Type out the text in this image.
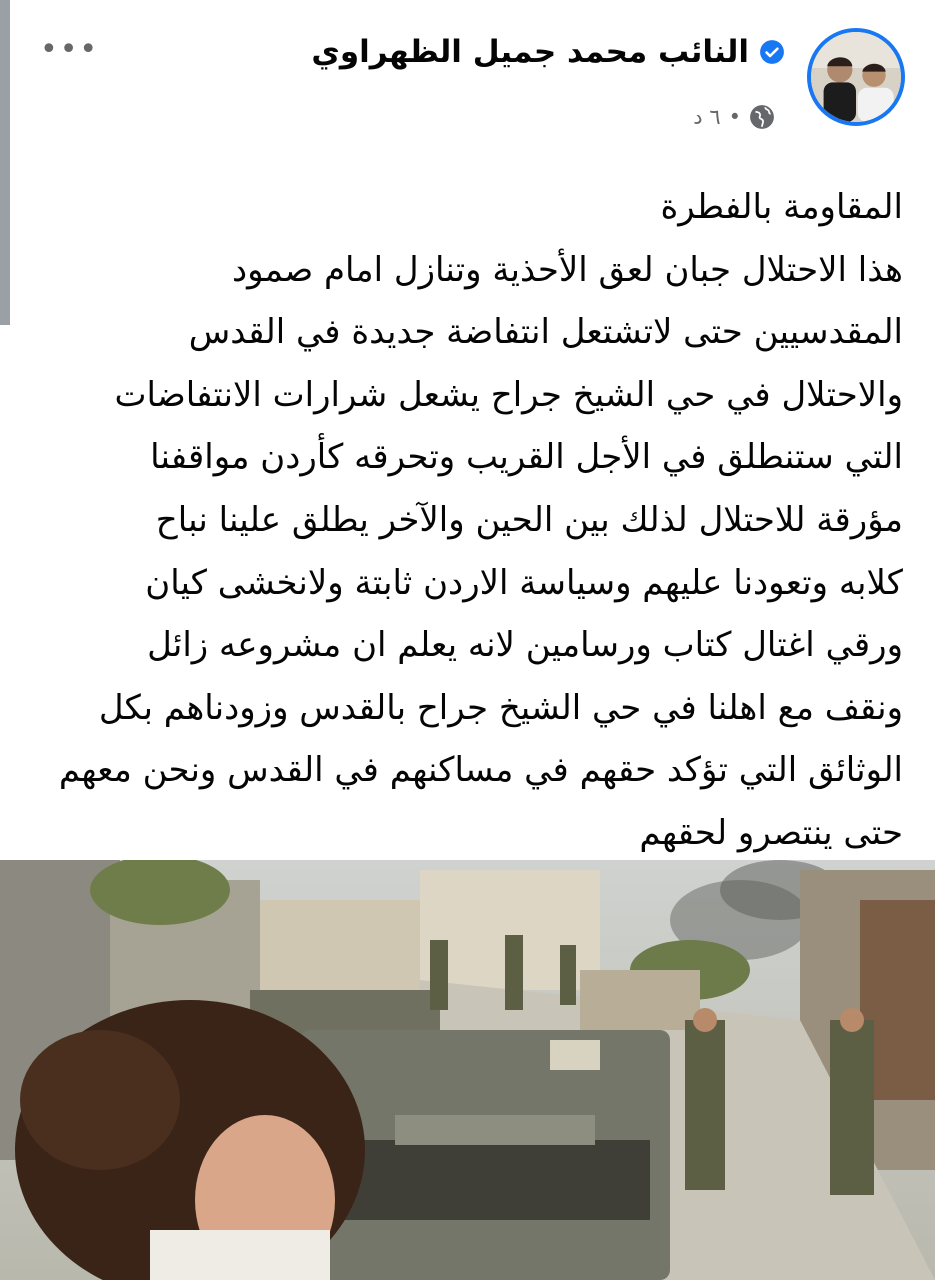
•••	النائب محمد جميل الظهراوي
٦ د •
المقاومة بالفطرة
هذا الاحتلال جبان لعق الأحذية وتنازل امام صمود
المقدسيين حتى لاتشتعل انتفاضة جديدة في القدس
والاحتلال في حي الشيخ جراح يشعل شرارات الانتفاضات
التي ستنطلق في الأجل القريب وتحرقه كأردن مواقفنا
مؤرقة للاحتلال لذلك بين الحين والآخر يطلق علينا نباح
كلابه وتعودنا عليهم وسياسة الاردن ثابتة ولانخشى كيان
ورقي اغتال كتاب ورسامين لانه يعلم ان مشروعه زائل
ونقف مع اهلنا في حي الشيخ جراح بالقدس وزودناهم بكل
الوثائق التي تؤكد حقهم في مساكنهم في القدس ونحن معهم
حتى ينتصرو لحقهم
